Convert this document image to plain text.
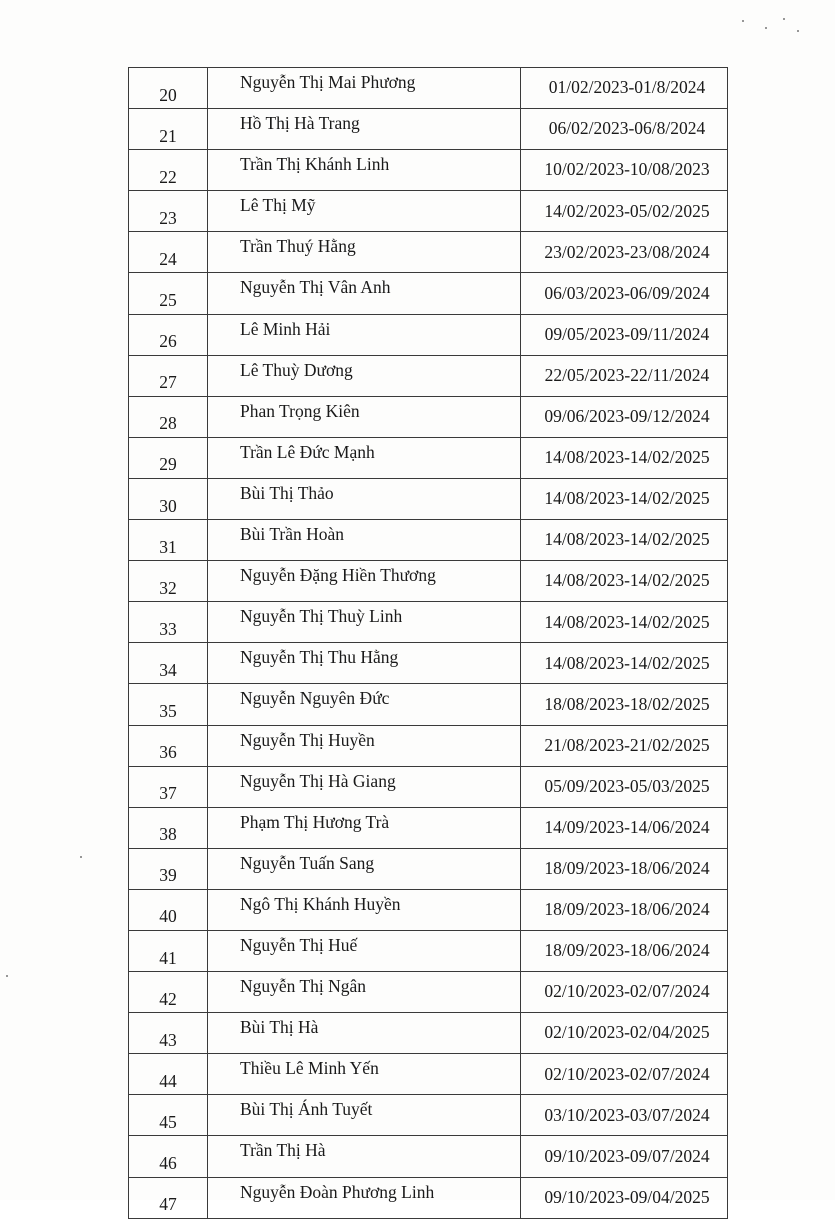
20	Nguyễn Thị Mai Phương	01/02/2023-01/8/2024
21	Hồ Thị Hà Trang	06/02/2023-06/8/2024
22	Trần Thị Khánh Linh	10/02/2023-10/08/2023
23	Lê Thị Mỹ	14/02/2023-05/02/2025
24	Trần Thuý Hằng	23/02/2023-23/08/2024
25	Nguyễn Thị Vân Anh	06/03/2023-06/09/2024
26	Lê Minh Hải	09/05/2023-09/11/2024
27	Lê Thuỳ Dương	22/05/2023-22/11/2024
28	Phan Trọng Kiên	09/06/2023-09/12/2024
29	Trần Lê Đức Mạnh	14/08/2023-14/02/2025
30	Bùi Thị Thảo	14/08/2023-14/02/2025
31	Bùi Trần Hoàn	14/08/2023-14/02/2025
32	Nguyễn Đặng Hiền Thương	14/08/2023-14/02/2025
33	Nguyễn Thị Thuỳ Linh	14/08/2023-14/02/2025
34	Nguyễn Thị Thu Hằng	14/08/2023-14/02/2025
35	Nguyễn Nguyên Đức	18/08/2023-18/02/2025
36	Nguyễn Thị Huyền	21/08/2023-21/02/2025
37	Nguyễn Thị Hà Giang	05/09/2023-05/03/2025
38	Phạm Thị Hương Trà	14/09/2023-14/06/2024
39	Nguyễn Tuấn Sang	18/09/2023-18/06/2024
40	Ngô Thị Khánh Huyền	18/09/2023-18/06/2024
41	Nguyễn Thị Huế	18/09/2023-18/06/2024
42	Nguyễn Thị Ngân	02/10/2023-02/07/2024
43	Bùi Thị Hà	02/10/2023-02/04/2025
44	Thiều Lê Minh Yến	02/10/2023-02/07/2024
45	Bùi Thị Ánh Tuyết	03/10/2023-03/07/2024
46	Trần Thị Hà	09/10/2023-09/07/2024
47	Nguyễn Đoàn Phương Linh	09/10/2023-09/04/2025
